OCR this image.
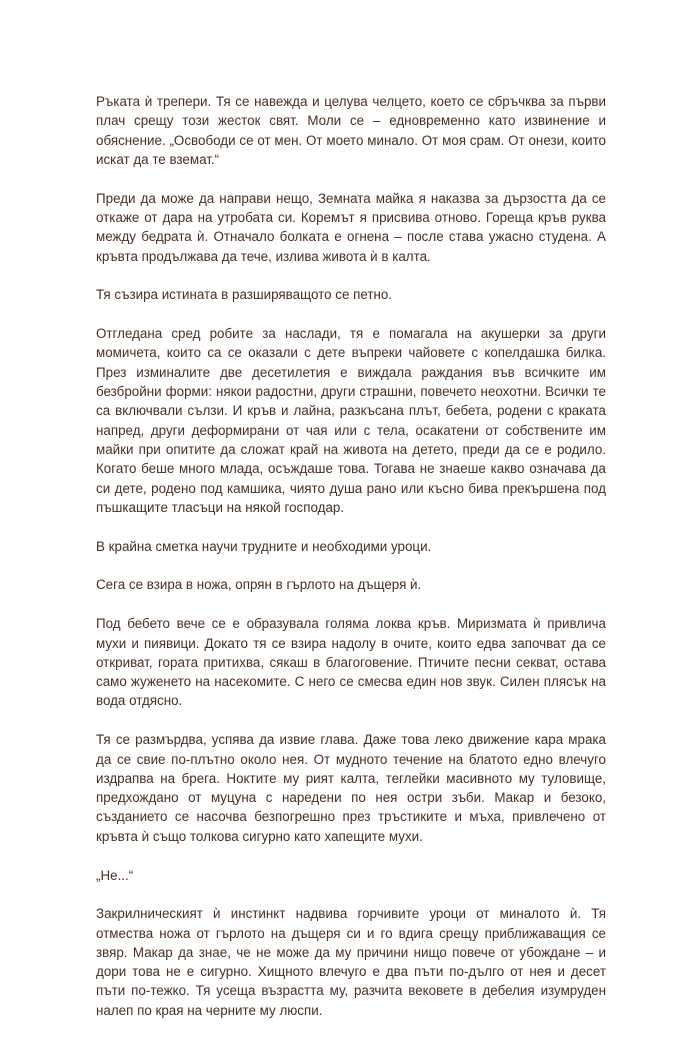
Ръката ѝ трепери. Тя се навежда и целува челцето, което се сбръчква за първи плач срещу този жесток свят. Моли се – едновременно като извинение и обяснение. „Освободи се от мен. От моето минало. От моя срам. От онези, които искат да те вземат.“

Преди да може да направи нещо, Земната майка я наказва за дързостта да се откаже от дара на утробата си. Коремът я присвива отново. Гореща кръв руква между бедрата ѝ. Отначало болката е огнена – после става ужасно студена. А кръвта продължава да тече, излива живота ѝ в калта.

Тя съзира истината в разширяващото се петно.

Отгледана сред робите за наслади, тя е помагала на акушерки за други момичета, които са се оказали с дете въпреки чайовете с копелдашка билка. През изминалите две десетилетия е виждала раждания във всичките им безбройни форми: някои радостни, други страшни, повечето неохотни. Всички те са включвали сълзи. И кръв и лайна, разкъсана плът, бебета, родени с краката напред, други деформирани от чая или с тела, осакатени от собствените им майки при опитите да сложат край на живота на детето, преди да се е родило. Когато беше много млада, осъждаше това. Тогава не знаеше какво означава да си дете, родено под камшика, чиято душа рано или късно бива прекършена под пъшкащите тласъци на някой господар.

В крайна сметка научи трудните и необходими уроци.

Сега се взира в ножа, опрян в гърлото на дъщеря ѝ.

Под бебето вече се е образувала голяма локва кръв. Миризмата ѝ привлича мухи и пиявици. Докато тя се взира надолу в очите, които едва започват да се откриват, гората притихва, сякаш в благоговение. Птичите песни секват, остава само жуженето на насекомите. С него се смесва един нов звук. Силен плясък на вода отдясно.

Тя се размърдва, успява да извие глава. Даже това леко движение кара мрака да се свие по-плътно около нея. От мудното течение на блатото едно влечуго издрапва на брега. Ноктите му рият калта, теглейки масивното му туловище, предхождано от муцуна с наредени по нея остри зъби. Макар и безоко, създанието се насочва безпогрешно през тръстиките и мъха, привлечено от кръвта ѝ също толкова сигурно като хапещите мухи.

„Не...“

Закрилническият ѝ инстинкт надвива горчивите уроци от миналото ѝ. Тя отмества ножа от гърлото на дъщеря си и го вдига срещу приближаващия се звяр. Макар да знае, че не може да му причини нищо повече от убождане – и дори това не е сигурно. Хищното влечуго е два пъти по-дълго от нея и десет пъти по-тежко. Тя усеща възрастта му, разчита вековете в дебелия изумруден налеп по края на черните му люспи.
